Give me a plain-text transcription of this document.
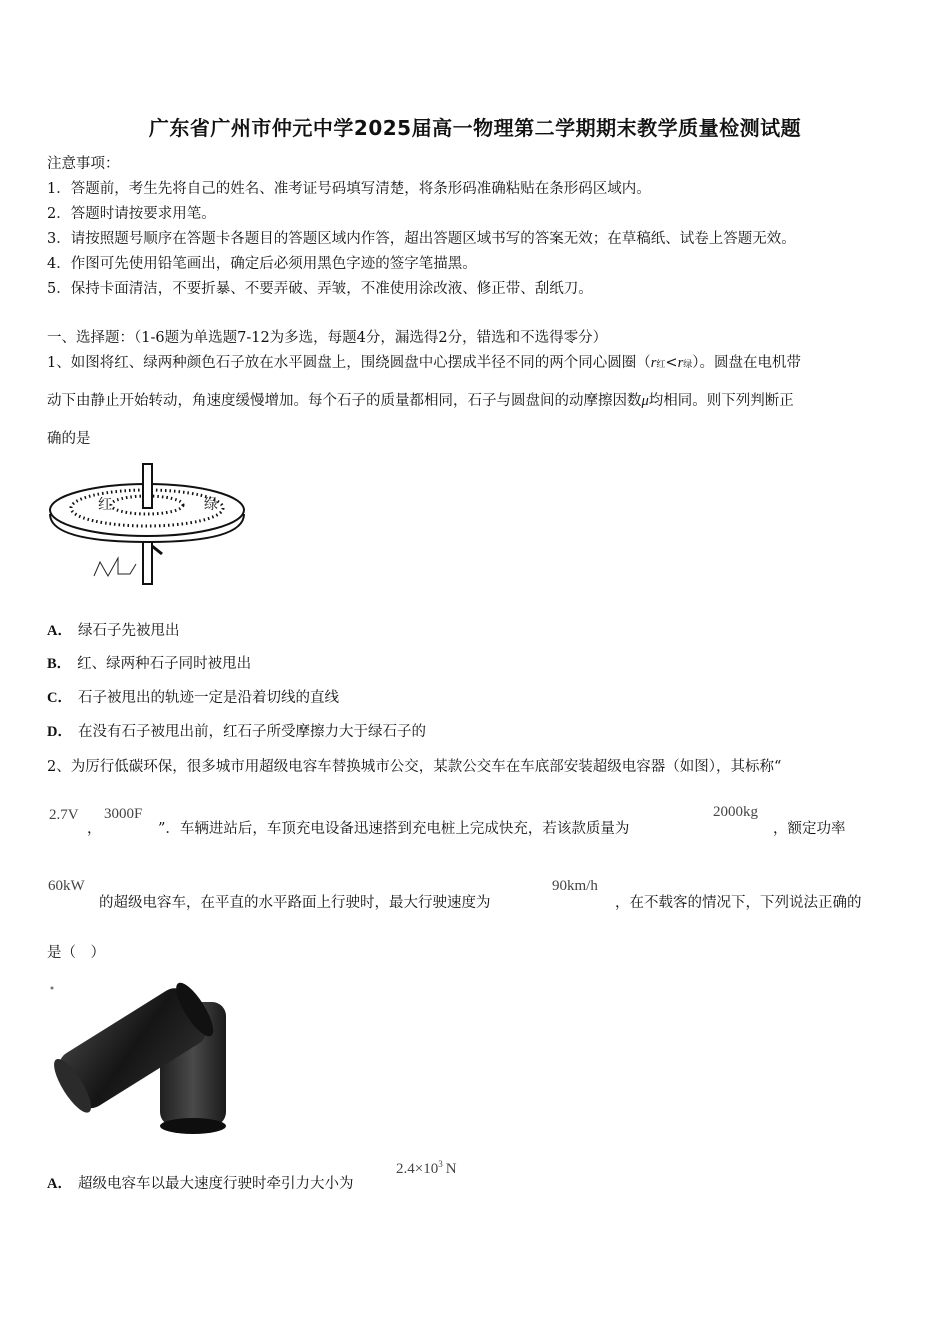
广东省广州市仲元中学2025届高一物理第二学期期末教学质量检测试题
注意事项：
1．答题前，考生先将自己的姓名、准考证号码填写清楚，将条形码准确粘贴在条形码区域内。
2．答题时请按要求用笔。
3．请按照题号顺序在答题卡各题目的答题区域内作答，超出答题区域书写的答案无效；在草稿纸、试卷上答题无效。
4．作图可先使用铅笔画出，确定后必须用黑色字迹的签字笔描黑。
5．保持卡面清洁，不要折暴、不要弄破、弄皱，不准使用涂改液、修正带、刮纸刀。
一、选择题：（1-6题为单选题7-12为多选，每题4分，漏选得2分，错选和不选得零分）
1、如图将红、绿两种颜色石子放在水平圆盘上，围绕圆盘中心摆成半径不同的两个同心圆圈（r红<r绿）。圆盘在电机带
动下由静止开始转动，角速度缓慢增加。每个石子的质量都相同，石子与圆盘间的动摩擦因数μ均相同。则下列判断正
确的是
红	绿
A． 绿石子先被甩出
B． 红、绿两种石子同时被甩出
C． 石子被甩出的轨迹一定是沿着切线的直线
D． 在没有石子被甩出前，红石子所受摩擦力大于绿石子的
2、为厉行低碳环保，很多城市用超级电容车替换城市公交，某款公交车在车底部安装超级电容器（如图），其标称“
2.7V
，
3000F
”．车辆进站后，车顶充电设备迅速搭到充电桩上完成快充，若该款质量为
2000kg
，额定功率
60kW
的超级电容车，在平直的水平路面上行驶时，最大行驶速度为
90km/h
，在不载客的情况下，下列说法正确的
是（　）
A． 超级电容车以最大速度行驶时牵引力大小为
$2.4\times 10^3$ N
